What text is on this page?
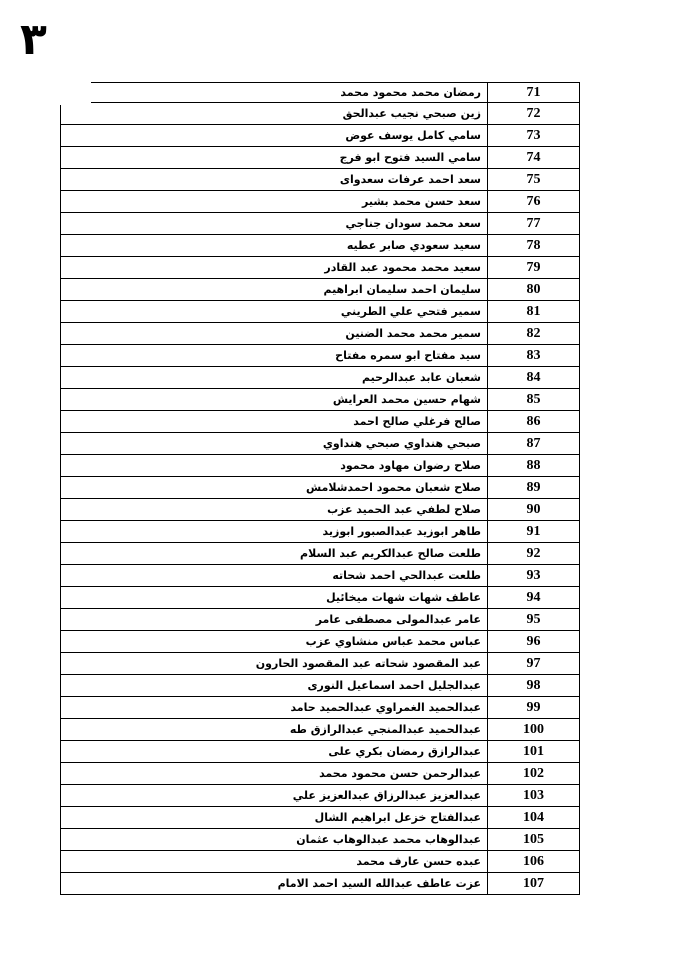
٣
رمضان محمد محمود محمد	71
زين صبحي نجيب عبدالحق	72
سامي كامل يوسف عوض	73
سامي السيد فتوح ابو فرج	74
سعد احمد عرفات سعدواى	75
سعد حسن محمد بشير	76
سعد محمد سودان جناجي	77
سعيد سعودي صابر عطيه	78
سعيد محمد محمود عبد القادر	79
سليمان احمد سليمان ابراهيم	80
سمير فتحي علي الطريني	81
سمير محمد محمد الضنين	82
سيد مفتاح ابو سمره مفتاح	83
شعبان عابد عبدالرحيم	84
شهام حسين محمد العرايش	85
صالح فرغلي صالح احمد	86
صبحي هنداوي صبحي هنداوي	87
صلاح رضوان مهاود محمود	88
صلاح شعبان محمود احمدشلامش	89
صلاح لطفي عبد الحميد عزب	90
طاهر ابوزيد عبدالصبور ابوزيد	91
طلعت صالح عبدالكريم عبد السلام	92
طلعت عبدالحي احمد شحاته	93
عاطف شهات شهات ميخائيل	94
عامر عبدالمولى مصطفى عامر	95
عباس محمد عباس منشاوي عزب	96
عبد المقصود شحاته عبد المقصود الحارون	97
عبدالجليل احمد اسماعيل النورى	98
عبدالحميد الغمراوي عبدالحميد حامد	99
عبدالحميد عبدالمنجي عبدالرازق طه	100
عبدالرازق رمضان بكري على	101
عبدالرحمن حسن محمود محمد	102
عبدالعزيز عبدالرزاق عبدالعزيز علي	103
عبدالفتاح خزعل ابراهيم الشال	104
عبدالوهاب محمد عبدالوهاب عثمان	105
عبده حسن عارف محمد	106
عزت عاطف عبدالله السيد احمد الامام	107
